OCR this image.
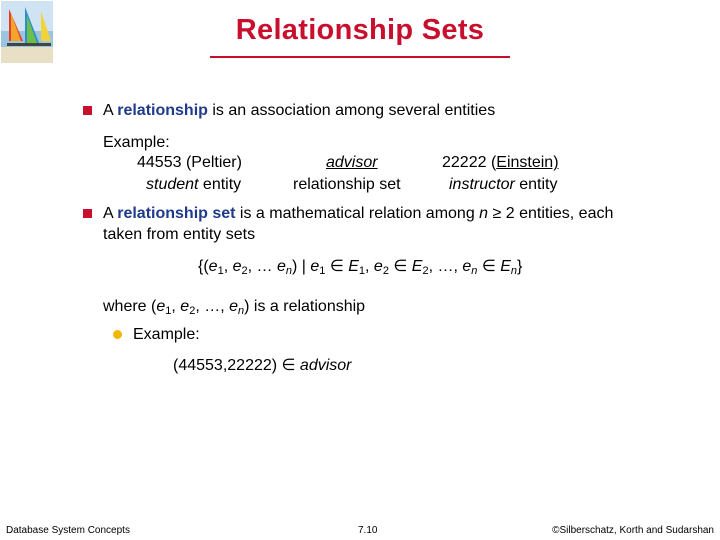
Relationship Sets
A relationship is an association among several entities
Example:
44553 (Peltier)
student entity
advisor
relationship set
22222 (Einstein)
instructor entity
A relationship set is a mathematical relation among n ≥ 2 entities, each
taken from entity sets
{($e_1$, $e_2$, … $e_n$) | $e_1$ ∈ $E_1$, $e_2$ ∈ $E_2$, …, $e_n$ ∈ $E_n$}
where ($e_1$, $e_2$, …, $e_n$) is a relationship
Example:
(44553,22222) ∈ advisor
Database System Concepts	7.10	©Silberschatz, Korth and Sudarshan
